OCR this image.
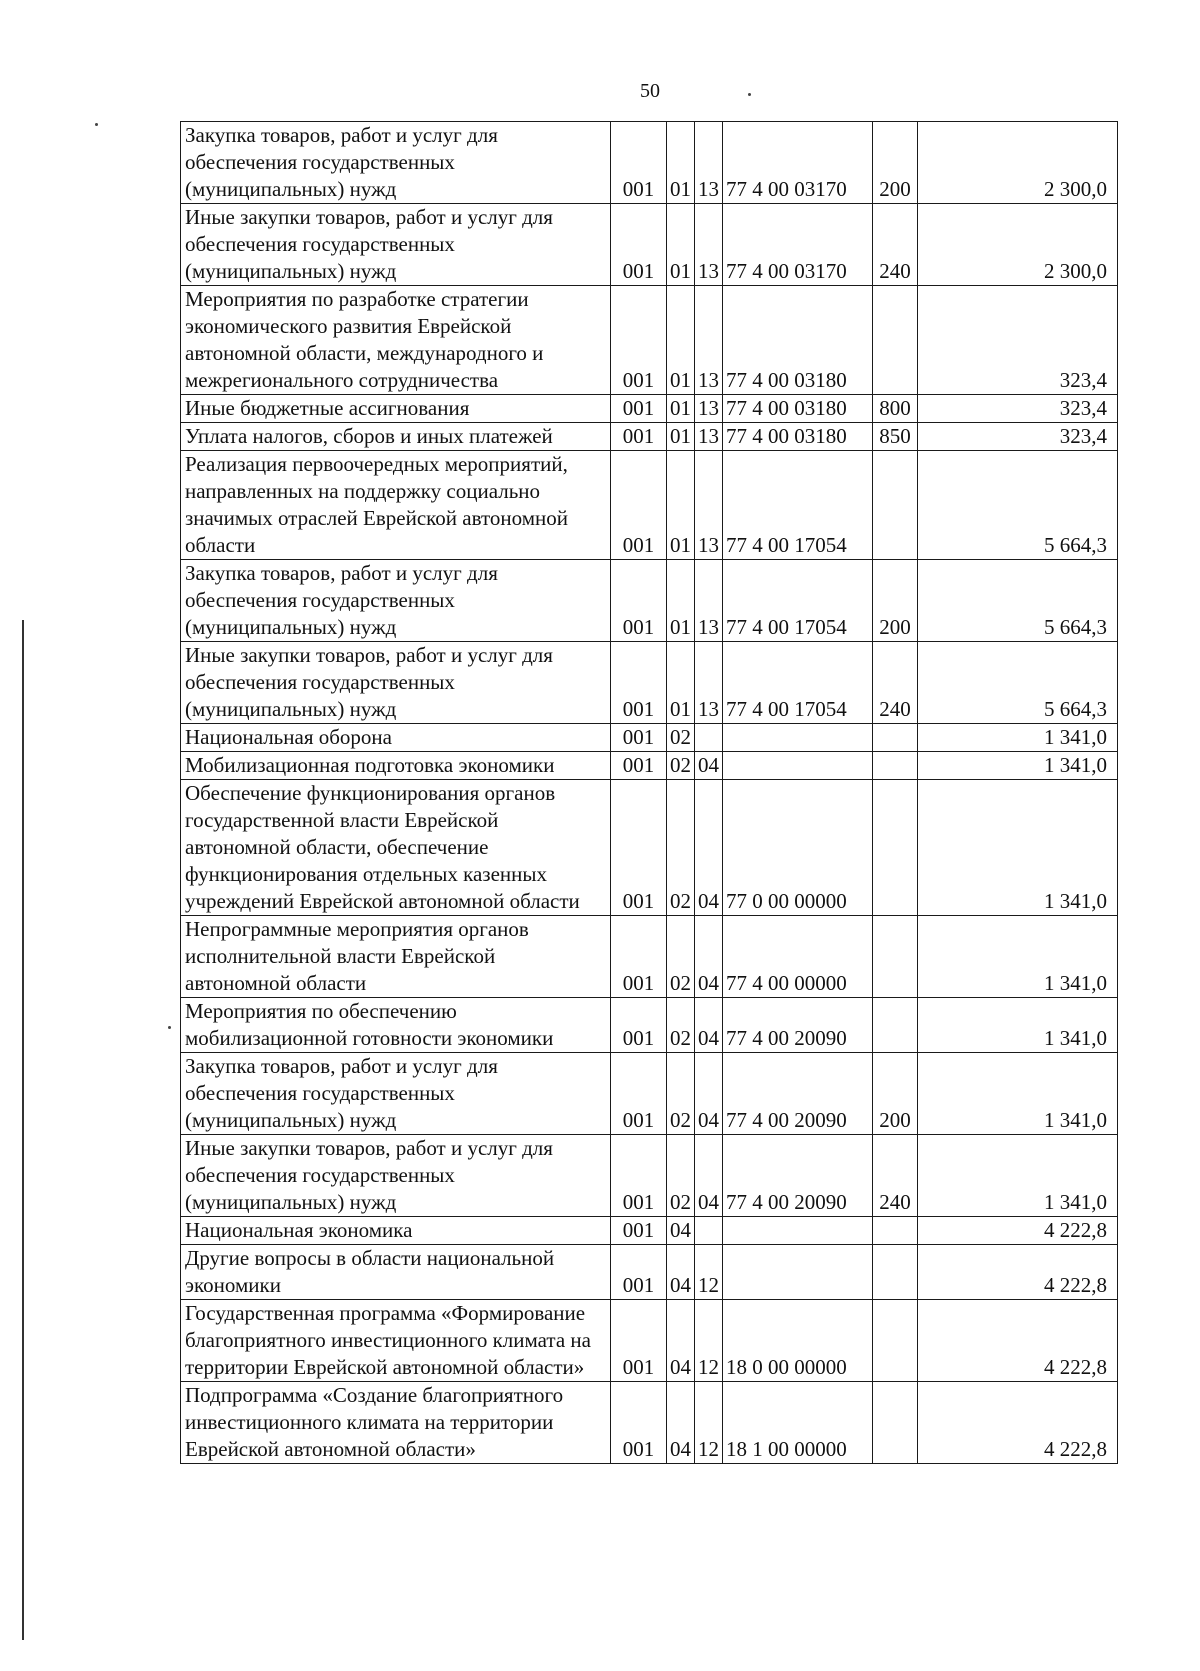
50
Закупка товаров, работ и услуг для обеспечения государственных (муниципальных) нужд	001	01	13	77 4 00 03170	200	2 300,0
Иные закупки товаров, работ и услуг для обеспечения государственных (муниципальных) нужд	001	01	13	77 4 00 03170	240	2 300,0
Мероприятия по разработке стратегии экономического развития Еврейской автономной области, международного и межрегионального сотрудничества	001	01	13	77 4 00 03180		323,4
Иные бюджетные ассигнования	001	01	13	77 4 00 03180	800	323,4
Уплата налогов, сборов и иных платежей	001	01	13	77 4 00 03180	850	323,4
Реализация первоочередных мероприятий, направленных на поддержку социально значимых отраслей Еврейской автономной области	001	01	13	77 4 00 17054		5 664,3
Закупка товаров, работ и услуг для обеспечения государственных (муниципальных) нужд	001	01	13	77 4 00 17054	200	5 664,3
Иные закупки товаров, работ и услуг для обеспечения государственных (муниципальных) нужд	001	01	13	77 4 00 17054	240	5 664,3
Национальная оборона	001	02				1 341,0
Мобилизационная подготовка экономики	001	02	04			1 341,0
Обеспечение функционирования органов государственной власти Еврейской автономной области, обеспечение функционирования отдельных казенных учреждений Еврейской автономной области	001	02	04	77 0 00 00000		1 341,0
Непрограммные мероприятия органов исполнительной власти Еврейской автономной области	001	02	04	77 4 00 00000		1 341,0
Мероприятия по обеспечению мобилизационной готовности экономики	001	02	04	77 4 00 20090		1 341,0
Закупка товаров, работ и услуг для обеспечения государственных (муниципальных) нужд	001	02	04	77 4 00 20090	200	1 341,0
Иные закупки товаров, работ и услуг для обеспечения государственных (муниципальных) нужд	001	02	04	77 4 00 20090	240	1 341,0
Национальная экономика	001	04				4 222,8
Другие вопросы в области национальной экономики	001	04	12			4 222,8
Государственная программа «Формирование благоприятного инвестиционного климата на территории Еврейской автономной области»	001	04	12	18 0 00 00000		4 222,8
Подпрограмма «Создание благоприятного инвестиционного климата на территории Еврейской автономной области»	001	04	12	18 1 00 00000		4 222,8
